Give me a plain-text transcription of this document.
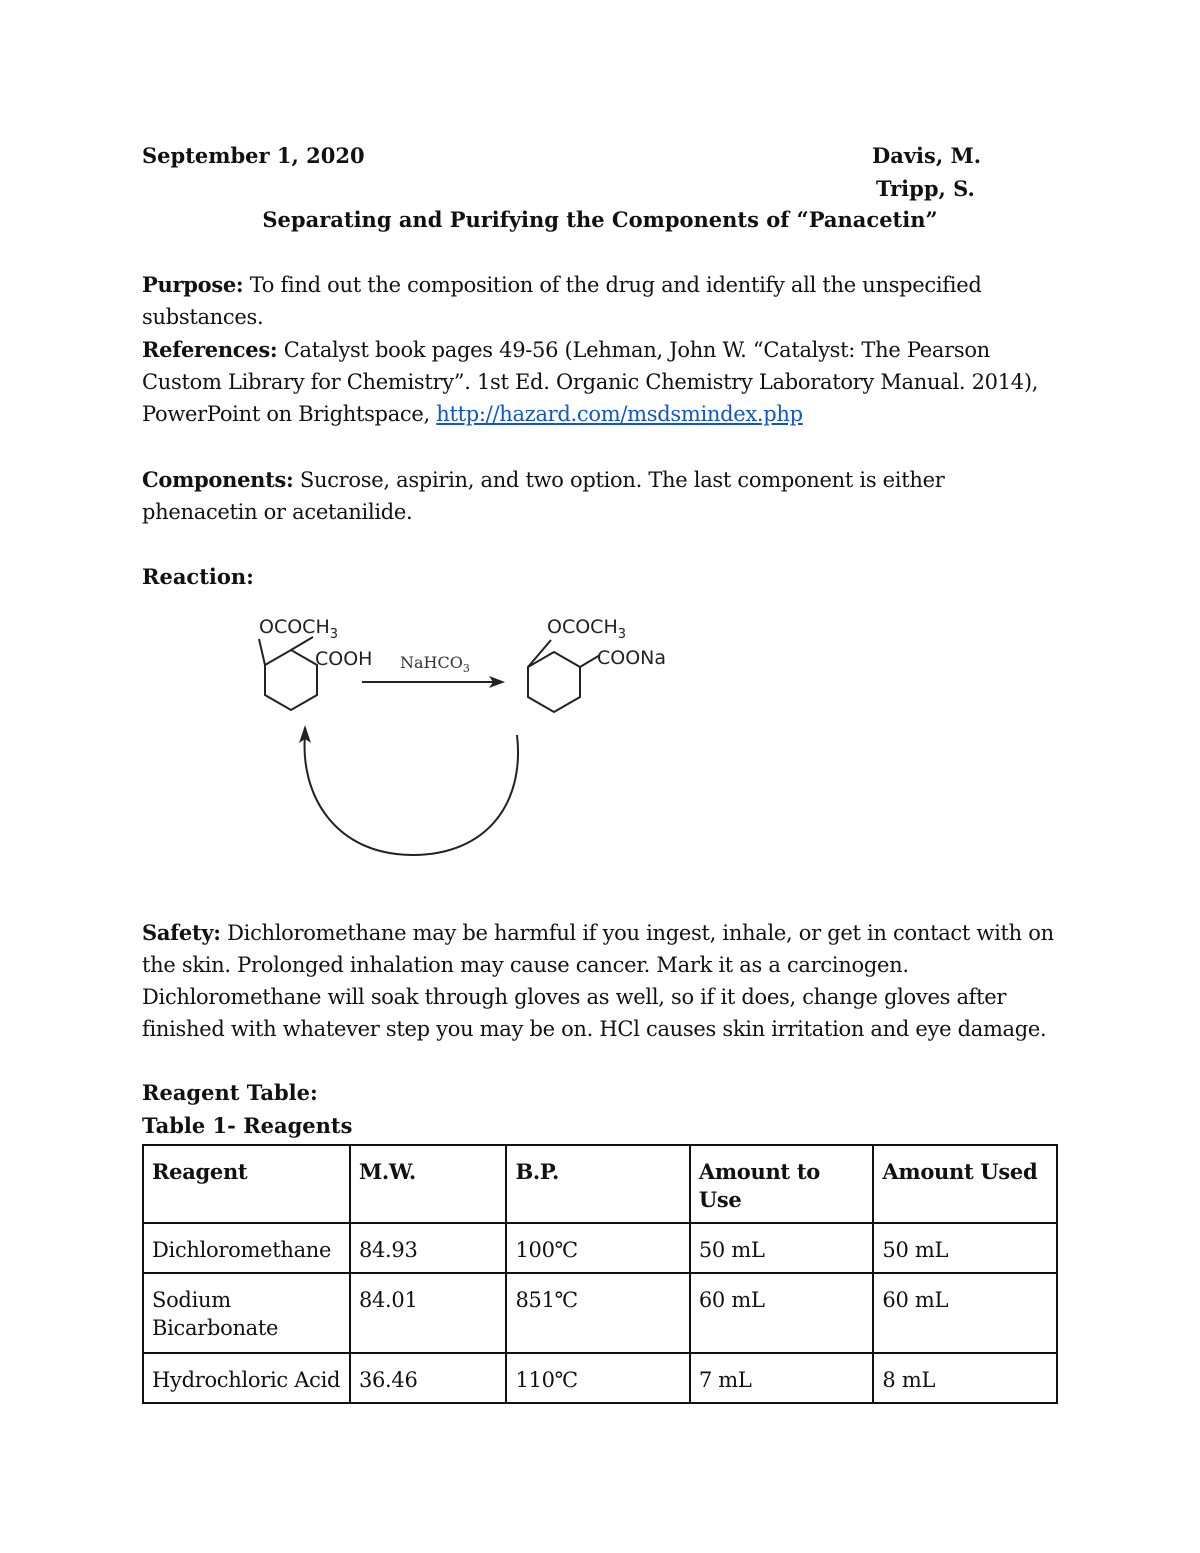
September 1, 2020	Davis, M.
Tripp, S.
Separating and Purifying the Components of “Panacetin”
Purpose: To find out the composition of the drug and identify all the unspecified substances.
References: Catalyst book pages 49-56 (Lehman, John W. “Catalyst: The Pearson Custom Library for Chemistry”. 1st Ed. Organic Chemistry Laboratory Manual. 2014), PowerPoint on Brightspace, http://hazard.com/msdsmindex.php
Components: Sucrose, aspirin, and two option. The last component is either phenacetin or acetanilide.
Reaction:
$OCOCH_3$
COOH NaHCO$_3$
$OCOCH_3$
COONa
Safety: Dichloromethane may be harmful if you ingest, inhale, or get in contact with on the skin. Prolonged inhalation may cause cancer. Mark it as a carcinogen. Dichloromethane will soak through gloves as well, so if it does, change gloves after finished with whatever step you may be on. HCl causes skin irritation and eye damage.
Reagent Table:
Table 1- Reagents
Reagent	M.W.	B.P.	Amount to Use	Amount Used
Dichloromethane	84.93	100℃	50 mL	50 mL
Sodium Bicarbonate	84.01	851℃	60 mL	60 mL
Hydrochloric Acid	36.46	110℃	7 mL	8 mL
